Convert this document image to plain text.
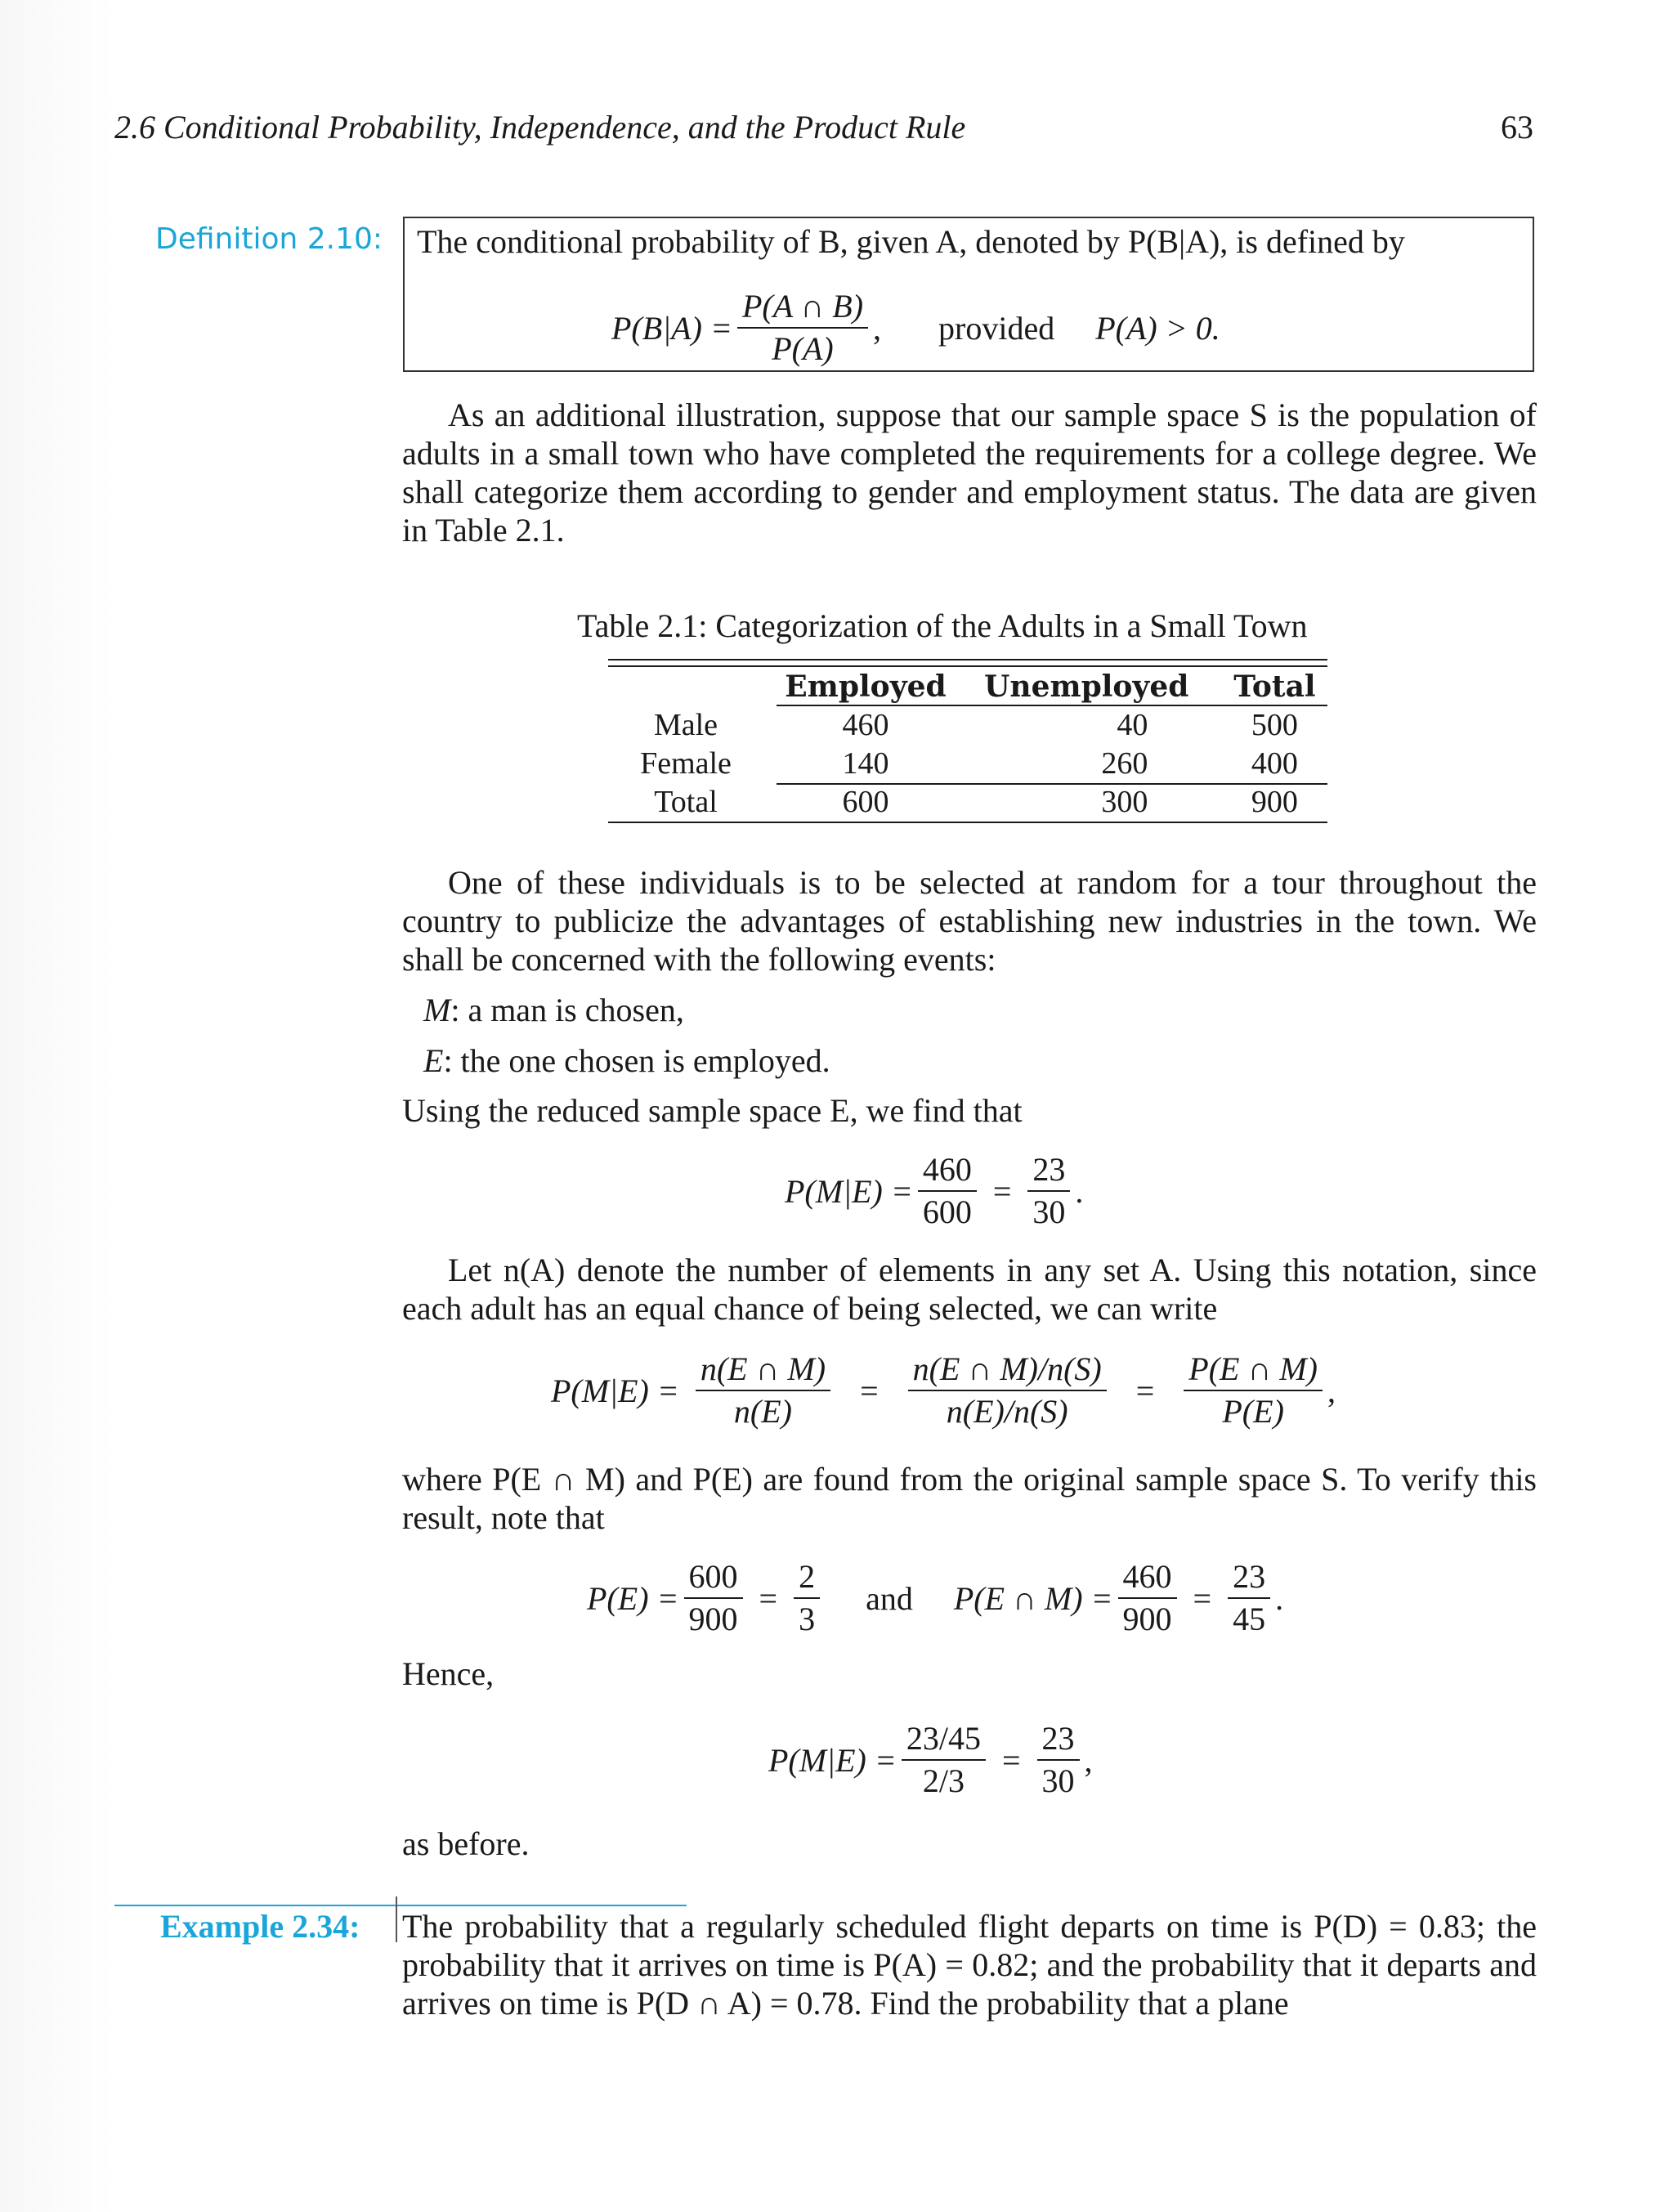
2.6 Conditional Probability, Independence, and the Product Rule	63
Definition 2.10: The conditional probability of B, given A, denoted by P(B|A), is defined by
$P(B|A) = \frac{P(A \cap B)}{P(A)}$ , provided P(A) > 0.
As an additional illustration, suppose that our sample space S is the population of adults in a small town who have completed the requirements for a college degree. We shall categorize them according to gender and employment status. The data are given in Table 2.1.
Table 2.1: Categorization of the Adults in a Small Town
	Employed	Unemployed	Total
Male	460	40	500
Female	140	260	400
Total	600	300	900
One of these individuals is to be selected at random for a tour throughout the country to publicize the advantages of establishing new industries in the town. We shall be concerned with the following events:
M: a man is chosen,
E: the one chosen is employed.
Using the reduced sample space E, we find that
$P(M|E) = \frac{460}{600} = \frac{23}{30}$ .
Let n(A) denote the number of elements in any set A. Using this notation, since each adult has an equal chance of being selected, we can write
$P(M|E) = \frac{n(E \cap M)}{n(E)} = \frac{n(E \cap M)/n(S)}{n(E)/n(S)} = \frac{P(E \cap M)}{P(E)}$ ,
where P(E ∩ M) and P(E) are found from the original sample space S. To verify this result, note that
$P(E) = \frac{600}{900} = \frac{2}{3}$ and P(E ∩ $M) = \frac{460}{900} = \frac{23}{45}$ .
Hence,
$P(M|E) = \frac{23/45}{2/3} = \frac{23}{30}$ ,
as before.
Example 2.34: The probability that a regularly scheduled flight departs on time is P(D) = 0.83; the probability that it arrives on time is P(A) = 0.82; and the probability that it departs and arrives on time is P(D ∩ A) = 0.78. Find the probability that a plane
